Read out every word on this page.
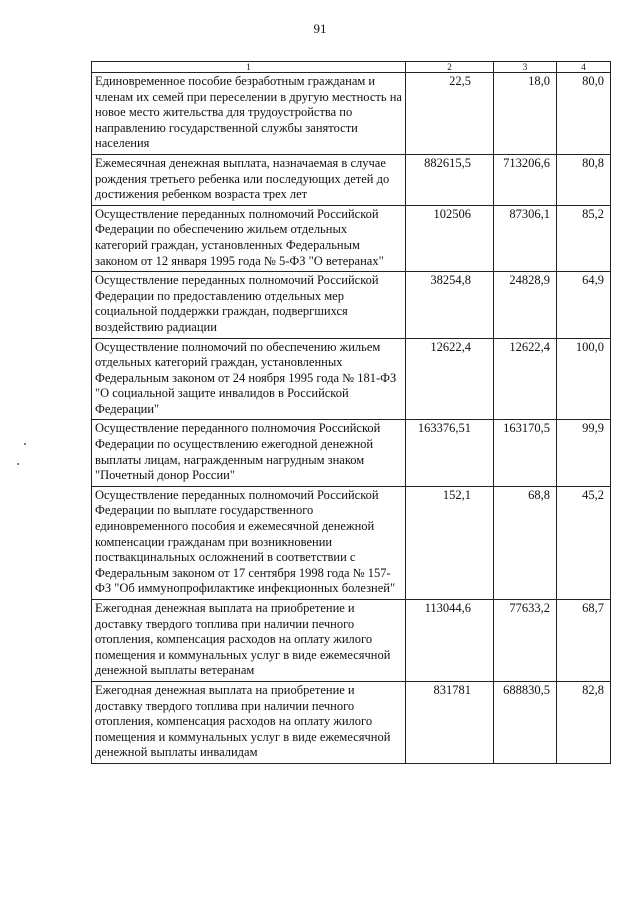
91
1	2	3	4
Единовременное пособие безработным гражданам и членам их семей при переселении в другую местность на новое место жительства для трудоустройства по направлению государственной службы занятости населения	22,5	18,0	80,0
Ежемесячная денежная выплата, назначаемая в случае рождения третьего ребенка или последующих детей до достижения ребенком возраста трех лет	882615,5	713206,6	80,8
Осуществление переданных полномочий Российской Федерации по обеспечению жильем отдельных категорий граждан, установленных Федеральным законом от 12 января 1995 года № 5-ФЗ "О ветеранах"	102506	87306,1	85,2
Осуществление переданных полномочий Российской Федерации по предоставлению отдельных мер социальной поддержки граждан, подвергшихся воздействию радиации	38254,8	24828,9	64,9
Осуществление полномочий по обеспечению жильем отдельных категорий граждан, установленных Федеральным законом от 24 ноября 1995 года № 181-ФЗ "О социальной защите инвалидов в Российской Федерации"	12622,4	12622,4	100,0
Осуществление переданного полномочия Российской Федерации по осуществлению ежегодной денежной выплаты лицам, награжденным нагрудным знаком "Почетный донор России"	163376,51	163170,5	99,9
Осуществление переданных полномочий Российской Федерации по выплате государственного единовременного пособия и ежемесячной денежной компенсации гражданам при возникновении поствакцинальных осложнений в соответствии с Федеральным законом от 17 сентября 1998 года № 157-ФЗ "Об иммунопрофилактике инфекционных болезней"	152,1	68,8	45,2
Ежегодная денежная выплата на приобретение и доставку твердого топлива при наличии печного отопления, компенсация расходов на оплату жилого помещения и коммунальных услуг в виде ежемесячной денежной выплаты ветеранам	113044,6	77633,2	68,7
Ежегодная денежная выплата на приобретение и доставку твердого топлива при наличии печного отопления, компенсация расходов на оплату жилого помещения и коммунальных услуг в виде ежемесячной денежной выплаты инвалидам	831781	688830,5	82,8
